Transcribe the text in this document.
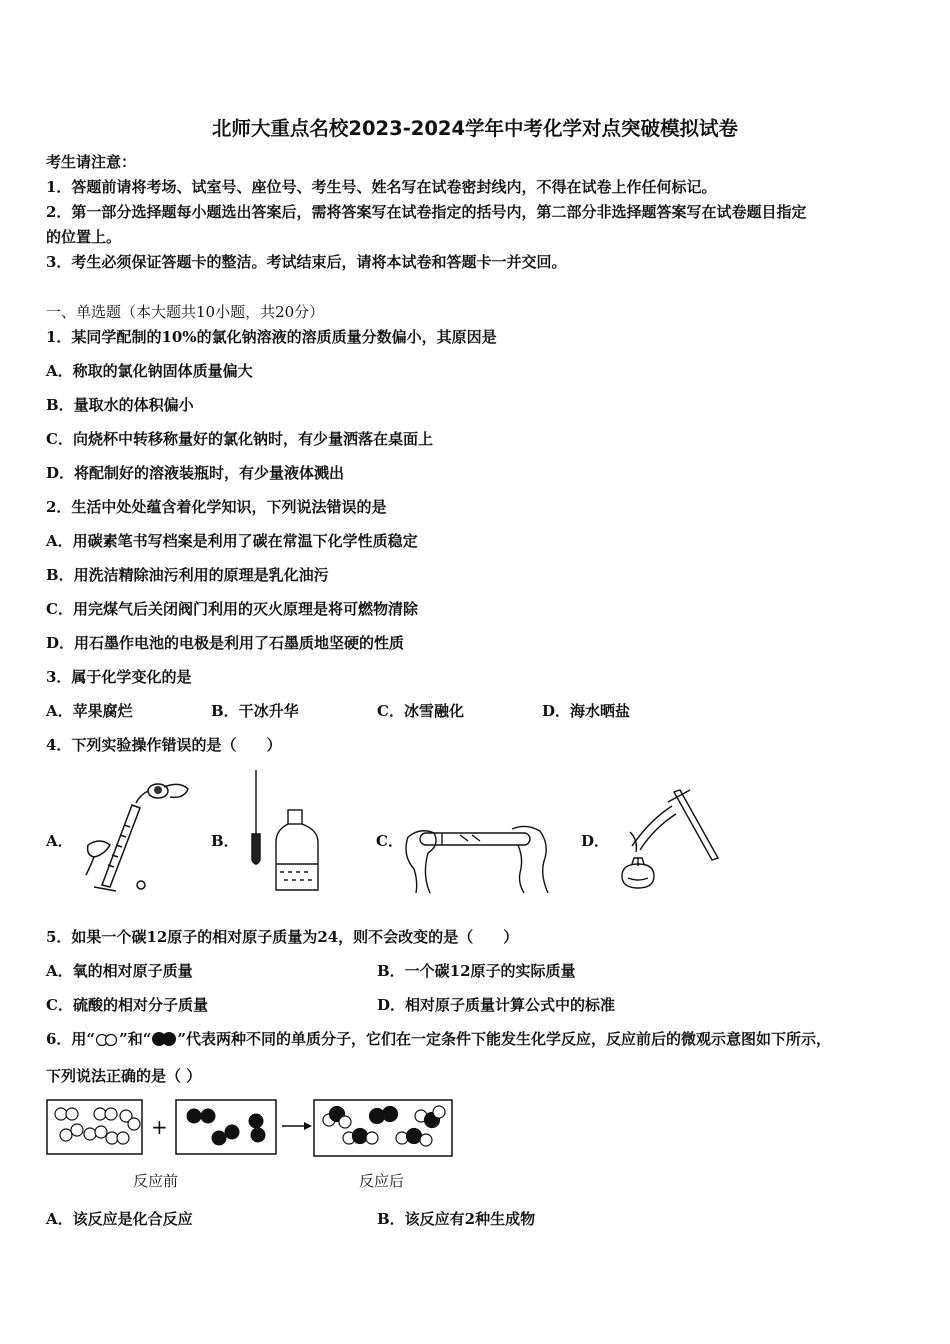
北师大重点名校2023-2024学年中考化学对点突破模拟试卷
考生请注意：
1．答题前请将考场、试室号、座位号、考生号、姓名写在试卷密封线内，不得在试卷上作任何标记。
2．第一部分选择题每小题选出答案后，需将答案写在试卷指定的括号内，第二部分非选择题答案写在试卷题目指定
的位置上。
3．考生必须保证答题卡的整洁。考试结束后，请将本试卷和答题卡一并交回。
一、单选题（本大题共10小题，共20分）
1．某同学配制的10%的氯化钠溶液的溶质质量分数偏小，其原因是
A．称取的氯化钠固体质量偏大
B．量取水的体积偏小
C．向烧杯中转移称量好的氯化钠时，有少量洒落在桌面上
D．将配制好的溶液装瓶时，有少量液体溅出
2．生活中处处蕴含着化学知识，下列说法错误的是
A．用碳素笔书写档案是利用了碳在常温下化学性质稳定
B．用洗洁精除油污利用的原理是乳化油污
C．用完煤气后关闭阀门利用的灭火原理是将可燃物清除
D．用石墨作电池的电极是利用了石墨质地坚硬的性质
3．属于化学变化的是
A．苹果腐烂	B．干冰升华	C．冰雪融化	D．海水晒盐
4．下列实验操作错误的是（　　）
A．	B．	C．	D．
5．如果一个碳12原子的相对原子质量为24，则不会改变的是（　　）
A．氧的相对原子质量	B．一个碳12原子的实际质量
C．硫酸的相对分子质量	D．相对原子质量计算公式中的标准
6．用“ ”和“ ”代表两种不同的单质分子，它们在一定条件下能发生化学反应，反应前后的微观示意图如下所示，
下列说法正确的是（ ）
+
反应前	反应后
A．该反应是化合反应	B．该反应有2种生成物
